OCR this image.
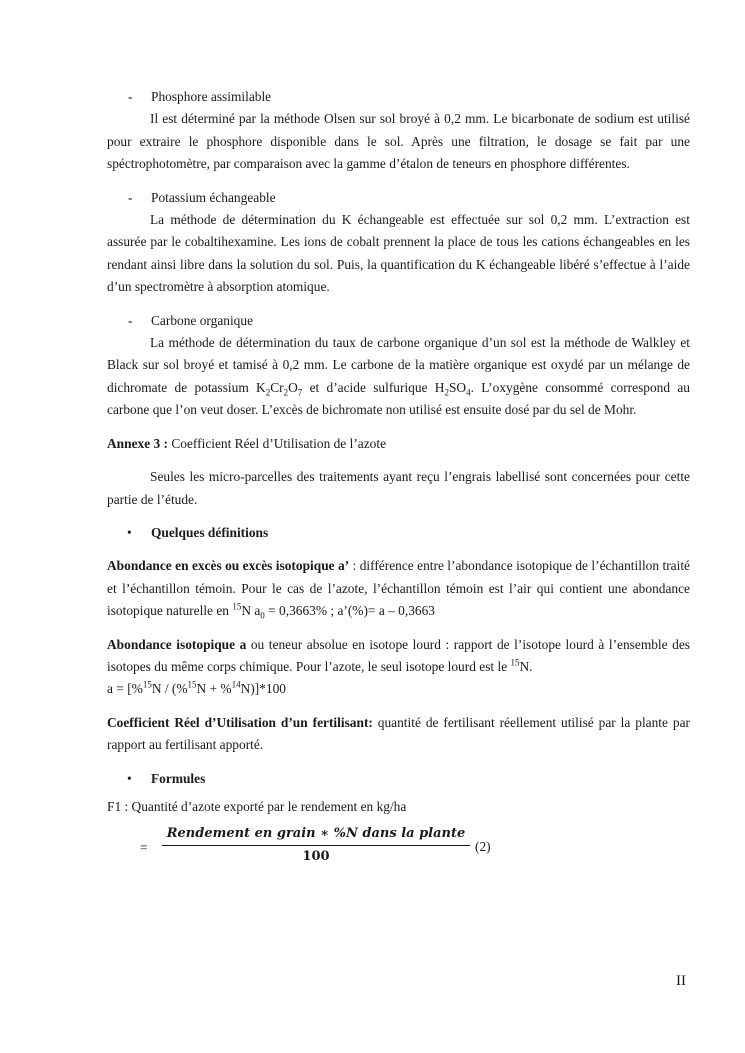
- Phosphore assimilable

Il est déterminé par la méthode Olsen sur sol broyé à 0,2 mm. Le bicarbonate de sodium est utilisé pour extraire le phosphore disponible dans le sol. Après une filtration, le dosage se fait par une spéctrophotomètre, par comparaison avec la gamme d’étalon de teneurs en phosphore différentes.

- Potassium échangeable

La méthode de détermination du K échangeable est effectuée sur sol 0,2 mm. L’extraction est assurée par le cobaltihexamine. Les ions de cobalt prennent la place de tous les cations échangeables en les rendant ainsi libre dans la solution du sol. Puis, la quantification du K échangeable libéré s’effectue à l’aide d’un spectromètre à absorption atomique.

- Carbone organique

La méthode de détermination du taux de carbone organique d’un sol est la méthode de Walkley et Black sur sol broyé et tamisé à 0,2 mm. Le carbone de la matière organique est oxydé par un mélange de dichromate de potassium $K_2Cr_2O_7$ et d’acide sulfurique $H_2SO_4$. L’oxygène consommé correspond au carbone que l’on veut doser. L’excès de bichromate non utilisé est ensuite dosé par du sel de Mohr.

Annexe 3 : Coefficient Réel d’Utilisation de l’azote

Seules les micro-parcelles des traitements ayant reçu l’engrais labellisé sont concernées pour cette partie de l’étude.

• Quelques définitions

Abondance en excès ou excès isotopique a’ : différence entre l’abondance isotopique de l’échantillon traité et l’échantillon témoin. Pour le cas de l’azote, l’échantillon témoin est l’air qui contient une abondance isotopique naturelle en $^{15}$N $a_0 = 0,3663\%$ ; a’(%)= a – 0,3663

Abondance isotopique a ou teneur absolue en isotope lourd : rapport de l’isotope lourd à l’ensemble des isotopes du même corps chimique. Pour l’azote, le seul isotope lourd est le $^{15}$N.
a = [%$^{15}$N / (%$^{15}$N + %$^{14}$N)]*100

Coefficient Réel d’Utilisation d’un fertilisant: quantité de fertilisant réellement utilisé par la plante par rapport au fertilisant apporté.

• Formules

F1 : Quantité d’azote exporté par le rendement en kg/ha

=
Rendement en grain ∗ %N dans la plante
100
(2)
II
